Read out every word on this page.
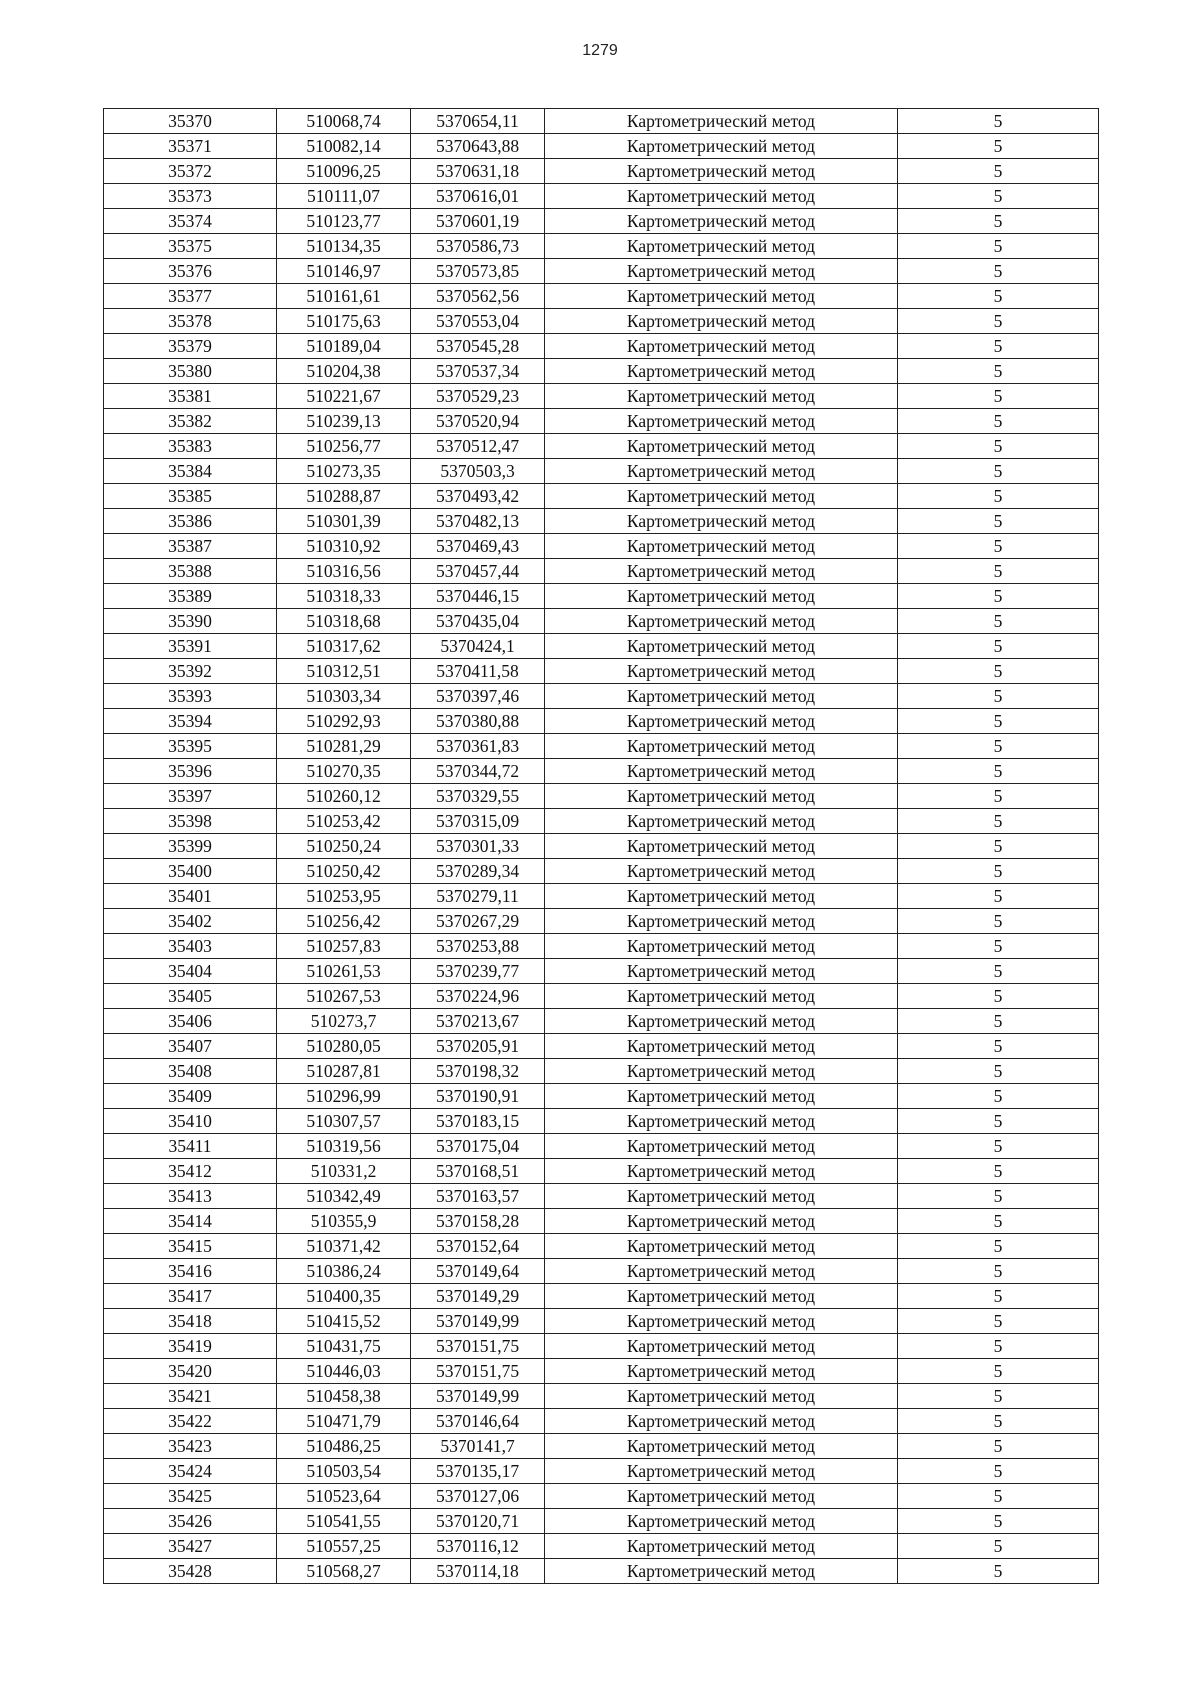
1279
35370	510068,74	5370654,11	Картометрический метод	5
35371	510082,14	5370643,88	Картометрический метод	5
35372	510096,25	5370631,18	Картометрический метод	5
35373	510111,07	5370616,01	Картометрический метод	5
35374	510123,77	5370601,19	Картометрический метод	5
35375	510134,35	5370586,73	Картометрический метод	5
35376	510146,97	5370573,85	Картометрический метод	5
35377	510161,61	5370562,56	Картометрический метод	5
35378	510175,63	5370553,04	Картометрический метод	5
35379	510189,04	5370545,28	Картометрический метод	5
35380	510204,38	5370537,34	Картометрический метод	5
35381	510221,67	5370529,23	Картометрический метод	5
35382	510239,13	5370520,94	Картометрический метод	5
35383	510256,77	5370512,47	Картометрический метод	5
35384	510273,35	5370503,3	Картометрический метод	5
35385	510288,87	5370493,42	Картометрический метод	5
35386	510301,39	5370482,13	Картометрический метод	5
35387	510310,92	5370469,43	Картометрический метод	5
35388	510316,56	5370457,44	Картометрический метод	5
35389	510318,33	5370446,15	Картометрический метод	5
35390	510318,68	5370435,04	Картометрический метод	5
35391	510317,62	5370424,1	Картометрический метод	5
35392	510312,51	5370411,58	Картометрический метод	5
35393	510303,34	5370397,46	Картометрический метод	5
35394	510292,93	5370380,88	Картометрический метод	5
35395	510281,29	5370361,83	Картометрический метод	5
35396	510270,35	5370344,72	Картометрический метод	5
35397	510260,12	5370329,55	Картометрический метод	5
35398	510253,42	5370315,09	Картометрический метод	5
35399	510250,24	5370301,33	Картометрический метод	5
35400	510250,42	5370289,34	Картометрический метод	5
35401	510253,95	5370279,11	Картометрический метод	5
35402	510256,42	5370267,29	Картометрический метод	5
35403	510257,83	5370253,88	Картометрический метод	5
35404	510261,53	5370239,77	Картометрический метод	5
35405	510267,53	5370224,96	Картометрический метод	5
35406	510273,7	5370213,67	Картометрический метод	5
35407	510280,05	5370205,91	Картометрический метод	5
35408	510287,81	5370198,32	Картометрический метод	5
35409	510296,99	5370190,91	Картометрический метод	5
35410	510307,57	5370183,15	Картометрический метод	5
35411	510319,56	5370175,04	Картометрический метод	5
35412	510331,2	5370168,51	Картометрический метод	5
35413	510342,49	5370163,57	Картометрический метод	5
35414	510355,9	5370158,28	Картометрический метод	5
35415	510371,42	5370152,64	Картометрический метод	5
35416	510386,24	5370149,64	Картометрический метод	5
35417	510400,35	5370149,29	Картометрический метод	5
35418	510415,52	5370149,99	Картометрический метод	5
35419	510431,75	5370151,75	Картометрический метод	5
35420	510446,03	5370151,75	Картометрический метод	5
35421	510458,38	5370149,99	Картометрический метод	5
35422	510471,79	5370146,64	Картометрический метод	5
35423	510486,25	5370141,7	Картометрический метод	5
35424	510503,54	5370135,17	Картометрический метод	5
35425	510523,64	5370127,06	Картометрический метод	5
35426	510541,55	5370120,71	Картометрический метод	5
35427	510557,25	5370116,12	Картометрический метод	5
35428	510568,27	5370114,18	Картометрический метод	5
